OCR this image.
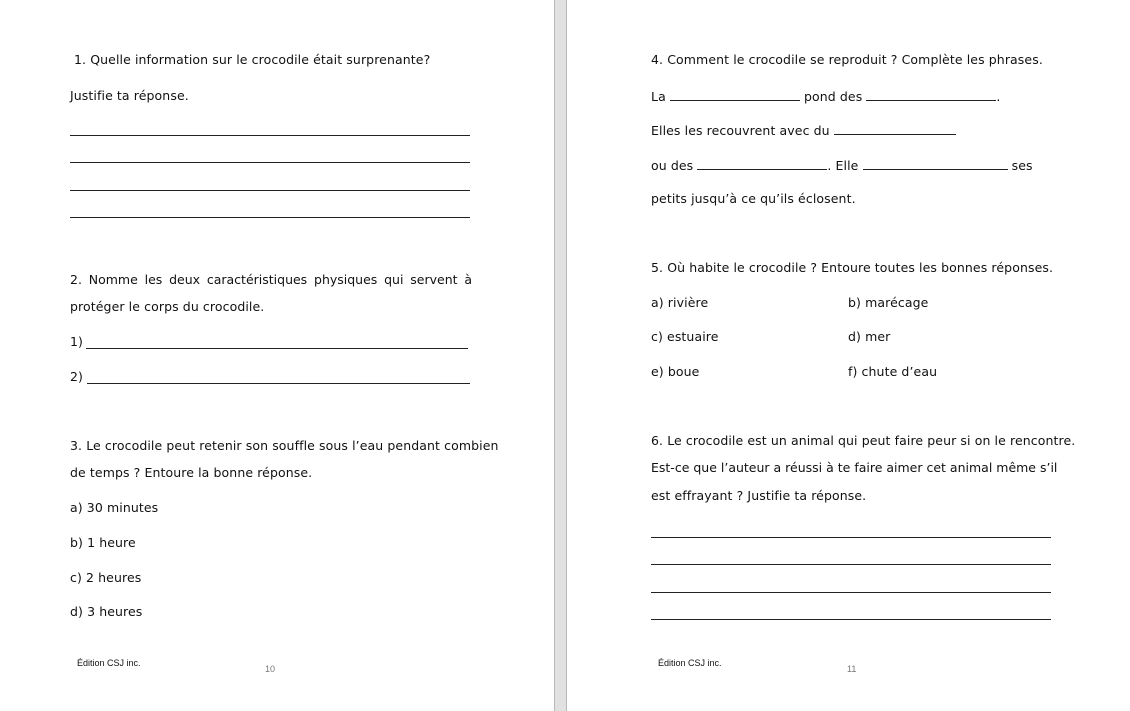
1. Quelle information sur le crocodile était surprenante?
Justifie ta réponse.
2. Nomme les deux caractéristiques physiques qui servent à
protéger le corps du crocodile.
1)
2)
3. Le crocodile peut retenir son souffle sous l’eau pendant combien
de temps ? Entoure la bonne réponse.
a) 30 minutes
b) 1 heure
c) 2 heures
d) 3 heures
Édition CSJ inc.
10
4. Comment le crocodile se reproduit ? Complète les phrases.
La	pond des	.
Elles les recouvrent avec du
ou des	. Elle	ses
petits jusqu’à ce qu’ils éclosent.
5. Où habite le crocodile ? Entoure toutes les bonnes réponses.
a) rivière	b) marécage
c) estuaire	d) mer
e) boue	f) chute d’eau
6. Le crocodile est un animal qui peut faire peur si on le rencontre.
Est-ce que l’auteur a réussi à te faire aimer cet animal même s’il
est effrayant ? Justifie ta réponse.
Édition CSJ inc.
11
